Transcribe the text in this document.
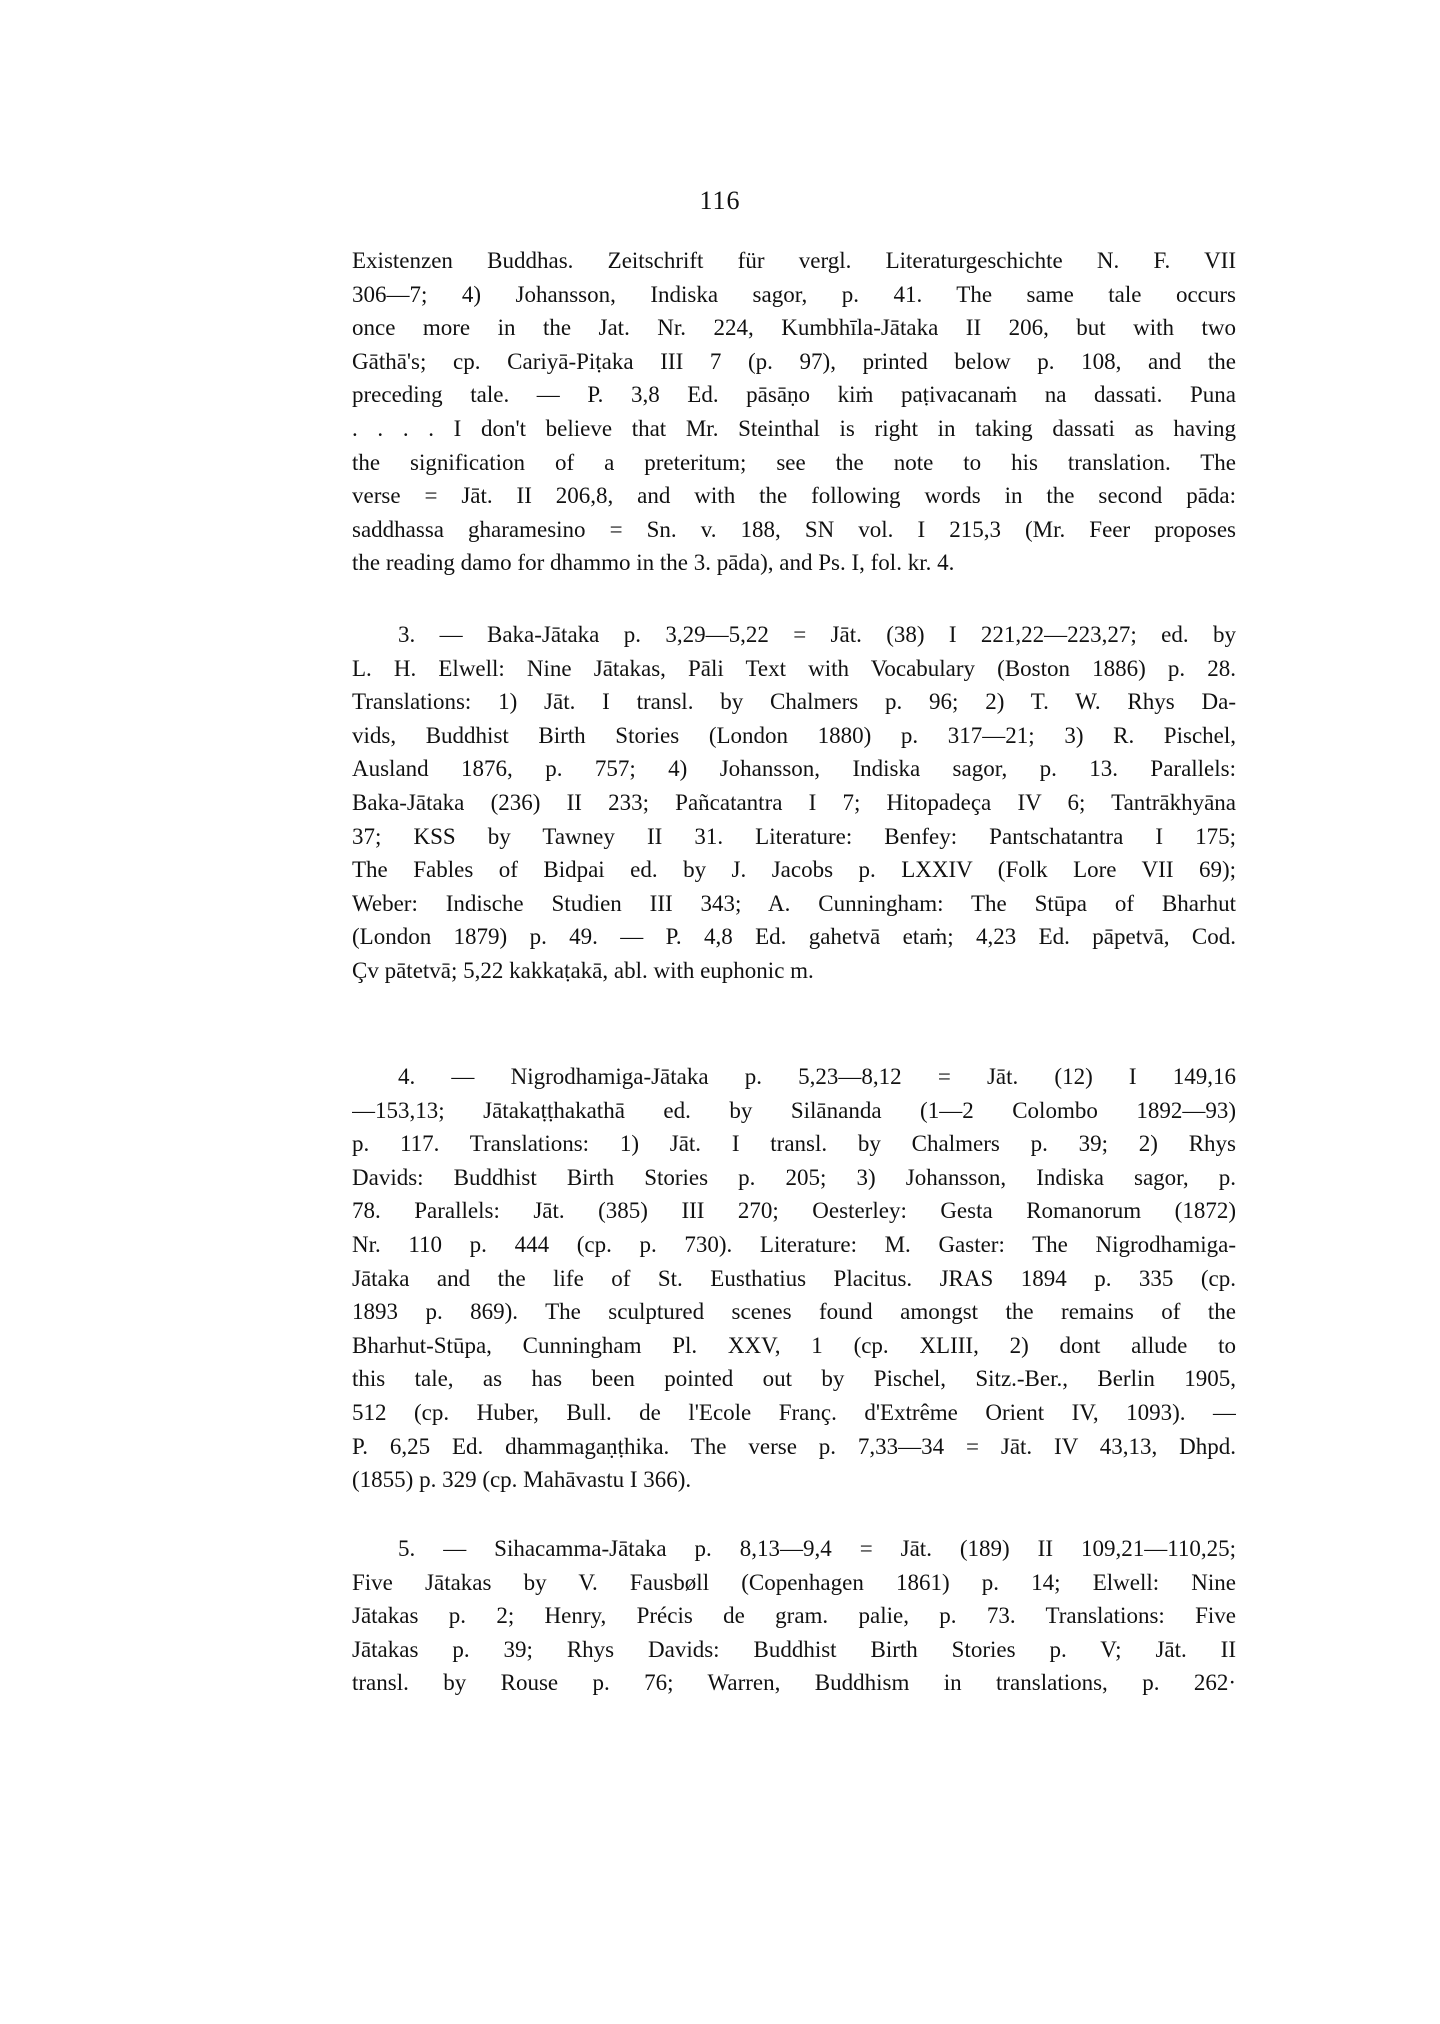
116
Existenzen Buddhas. Zeitschrift für vergl. Literaturgeschichte N. F. VII
306—7; 4) Johansson, Indiska sagor, p. 41. The same tale occurs
once more in the Jat. Nr. 224, Kumbhīla-Jātaka II 206, but with two
Gāthā's; cp. Cariyā-Piṭaka III 7 (p. 97), printed below p. 108, and the
preceding tale. — P. 3,8 Ed. pāsāṇo kiṁ paṭivacanaṁ na dassati. Puna
. . . . I don't believe that Mr. Steinthal is right in taking dassati as having
the signification of a preteritum; see the note to his translation. The
verse = Jāt. II 206,8, and with the following words in the second pāda:
saddhassa gharamesino = Sn. v. 188, SN vol. I 215,3 (Mr. Feer proposes
the reading damo for dhammo in the 3. pāda), and Ps. I, fol. kr. 4.
3. — Baka-Jātaka p. 3,29—5,22 = Jāt. (38) I 221,22—223,27; ed. by
L. H. Elwell: Nine Jātakas, Pāli Text with Vocabulary (Boston 1886) p. 28.
Translations: 1) Jāt. I transl. by Chalmers p. 96; 2) T. W. Rhys Da-
vids, Buddhist Birth Stories (London 1880) p. 317—21; 3) R. Pischel,
Ausland 1876, p. 757; 4) Johansson, Indiska sagor, p. 13. Parallels:
Baka-Jātaka (236) II 233; Pañcatantra I 7; Hitopadeça IV 6; Tantrākhyāna
37; KSS by Tawney II 31. Literature: Benfey: Pantschatantra I 175;
The Fables of Bidpai ed. by J. Jacobs p. LXXIV (Folk Lore VII 69);
Weber: Indische Studien III 343; A. Cunningham: The Stūpa of Bharhut
(London 1879) p. 49. — P. 4,8 Ed. gahetvā etaṁ; 4,23 Ed. pāpetvā, Cod.
Çv pātetvā; 5,22 kakkaṭakā, abl. with euphonic m.
4. — Nigrodhamiga-Jātaka p. 5,23—8,12 = Jāt. (12) I 149,16
—153,13; Jātakaṭṭhakathā ed. by Silānanda (1—2 Colombo 1892—93)
p. 117. Translations: 1) Jāt. I transl. by Chalmers p. 39; 2) Rhys
Davids: Buddhist Birth Stories p. 205; 3) Johansson, Indiska sagor, p.
78. Parallels: Jāt. (385) III 270; Oesterley: Gesta Romanorum (1872)
Nr. 110 p. 444 (cp. p. 730). Literature: M. Gaster: The Nigrodhamiga-
Jātaka and the life of St. Eusthatius Placitus. JRAS 1894 p. 335 (cp.
1893 p. 869). The sculptured scenes found amongst the remains of the
Bharhut-Stūpa, Cunningham Pl. XXV, 1 (cp. XLIII, 2) dont allude to
this tale, as has been pointed out by Pischel, Sitz.-Ber., Berlin 1905,
512 (cp. Huber, Bull. de l'Ecole Franç. d'Extrême Orient IV, 1093). —
P. 6,25 Ed. dhammagaṇṭhika. The verse p. 7,33—34 = Jāt. IV 43,13, Dhpd.
(1855) p. 329 (cp. Mahāvastu I 366).
5. — Sihacamma-Jātaka p. 8,13—9,4 = Jāt. (189) II 109,21—110,25;
Five Jātakas by V. Fausbøll (Copenhagen 1861) p. 14; Elwell: Nine
Jātakas p. 2; Henry, Précis de gram. palie, p. 73. Translations: Five
Jātakas p. 39; Rhys Davids: Buddhist Birth Stories p. V; Jāt. II
transl. by Rouse p. 76; Warren, Buddhism in translations, p. 262·
